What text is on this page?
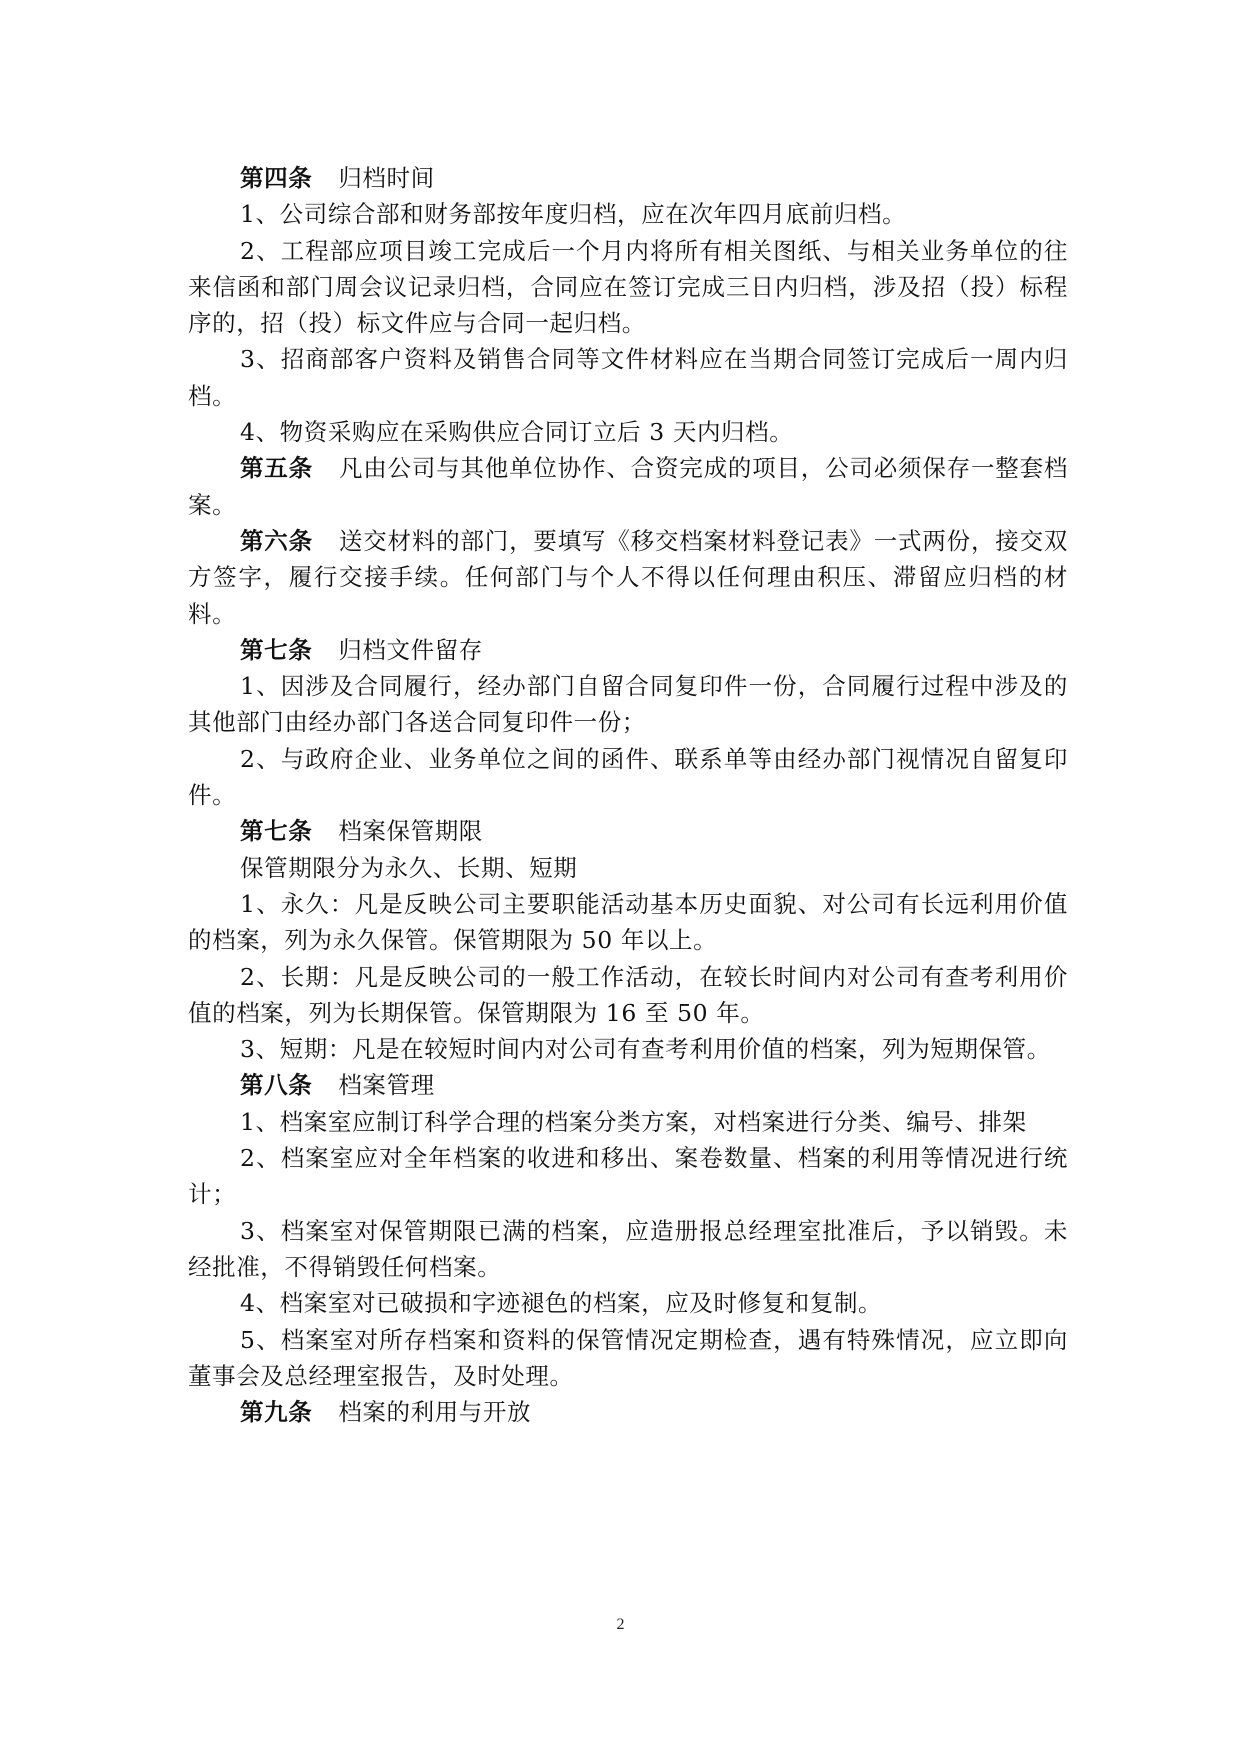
第四条 归档时间

1、公司综合部和财务部按年度归档，应在次年四月底前归档。

2、工程部应项目竣工完成后一个月内将所有相关图纸、与相关业务单位的往来信函和部门周会议记录归档，合同应在签订完成三日内归档，涉及招（投）标程序的，招（投）标文件应与合同一起归档。

3、招商部客户资料及销售合同等文件材料应在当期合同签订完成后一周内归档。

4、物资采购应在采购供应合同订立后 3 天内归档。

第五条 凡由公司与其他单位协作、合资完成的项目，公司必须保存一整套档案。

第六条 送交材料的部门，要填写《移交档案材料登记表》一式两份，接交双方签字，履行交接手续。任何部门与个人不得以任何理由积压、滞留应归档的材料。

第七条 归档文件留存

1、因涉及合同履行，经办部门自留合同复印件一份，合同履行过程中涉及的其他部门由经办部门各送合同复印件一份；

2、与政府企业、业务单位之间的函件、联系单等由经办部门视情况自留复印件。

第七条 档案保管期限

保管期限分为永久、长期、短期

1、永久：凡是反映公司主要职能活动基本历史面貌、对公司有长远利用价值的档案，列为永久保管。保管期限为 50 年以上。

2、长期：凡是反映公司的一般工作活动，在较长时间内对公司有查考利用价值的档案，列为长期保管。保管期限为 16 至 50 年。

3、短期：凡是在较短时间内对公司有查考利用价值的档案，列为短期保管。

第八条 档案管理

1、档案室应制订科学合理的档案分类方案，对档案进行分类、编号、排架

2、档案室应对全年档案的收进和移出、案卷数量、档案的利用等情况进行统计；

3、档案室对保管期限已满的档案，应造册报总经理室批准后，予以销毁。未经批准，不得销毁任何档案。

4、档案室对已破损和字迹褪色的档案，应及时修复和复制。

5、档案室对所存档案和资料的保管情况定期检查，遇有特殊情况，应立即向董事会及总经理室报告，及时处理。

第九条 档案的利用与开放

2
